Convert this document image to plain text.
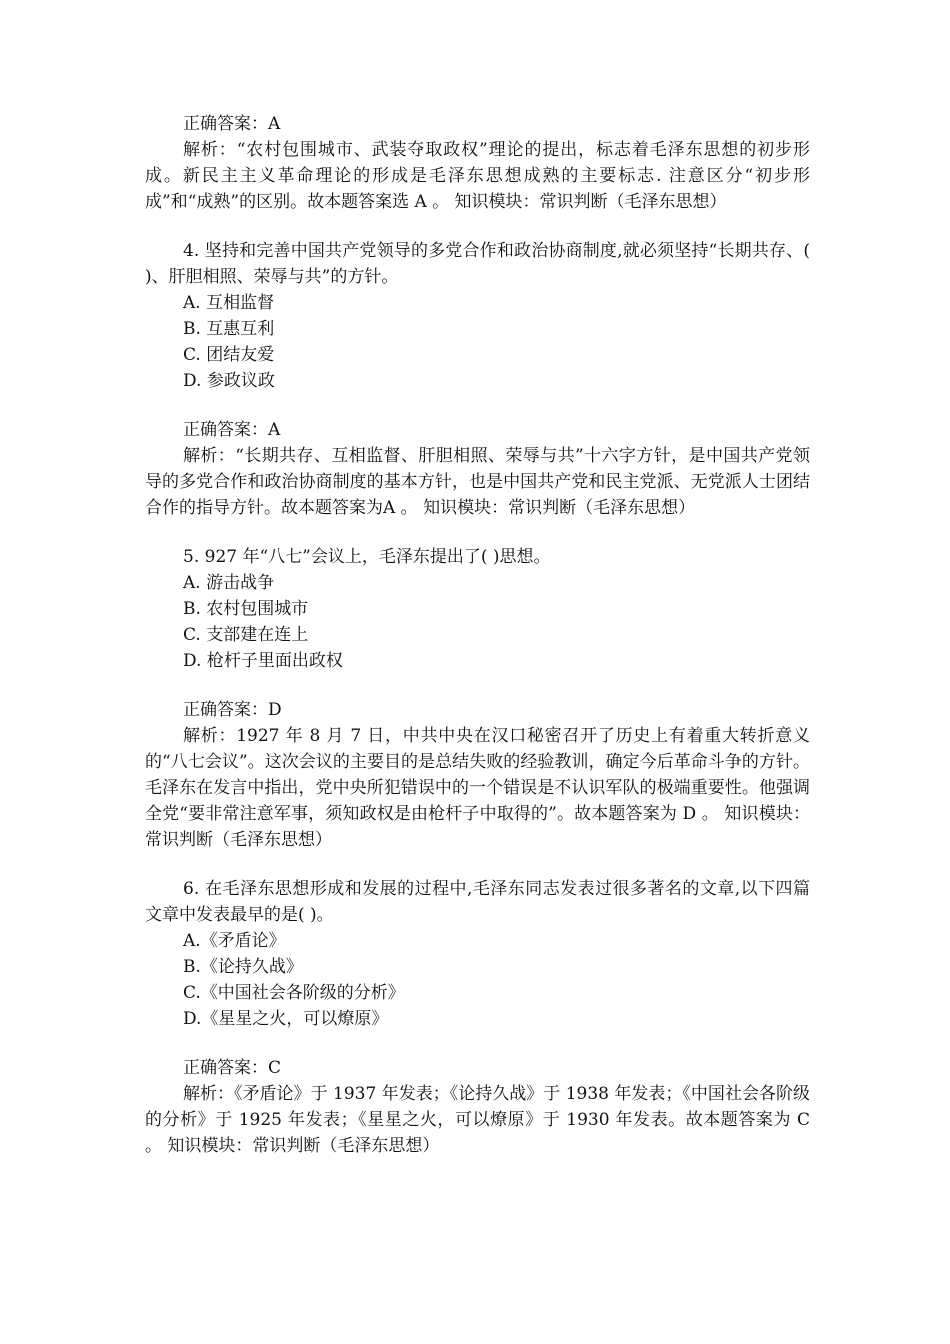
正确答案：A

解析：“农村包围城市、武装夺取政权”理论的提出，标志着毛泽东思想的初步形成。新民主主义革命理论的形成是毛泽东思想成熟的主要标志. 注意区分“初步形成”和“成熟”的区别。故本题答案选 A 。 知识模块：常识判断（毛泽东思想）

4. 坚持和完善中国共产党领导的多党合作和政治协商制度,就必须坚持“长期共存、( )、肝胆相照、荣辱与共”的方针。

A. 互相监督

B. 互惠互利

C. 团结友爱

D. 参政议政

正确答案：A

解析：“长期共存、互相监督、肝胆相照、荣辱与共”十六字方针，是中国共产党领导的多党合作和政治协商制度的基本方针，也是中国共产党和民主党派、无党派人士团结合作的指导方针。故本题答案为A 。 知识模块：常识判断（毛泽东思想）

5. 927 年“八七”会议上，毛泽东提出了( )思想。

A. 游击战争

B. 农村包围城市

C. 支部建在连上

D. 枪杆子里面出政权

正确答案：D

解析：1927 年 8 月 7 日，中共中央在汉口秘密召开了历史上有着重大转折意义的“八七会议”。这次会议的主要目的是总结失败的经验教训，确定今后革命斗争的方针。毛泽东在发言中指出，党中央所犯错误中的一个错误是不认识军队的极端重要性。他强调全党“要非常注意军事，须知政权是由枪杆子中取得的”。故本题答案为 D 。 知识模块：常识判断（毛泽东思想）

6. 在毛泽东思想形成和发展的过程中,毛泽东同志发表过很多著名的文章,以下四篇文章中发表最早的是( )。

A.《矛盾论》

B.《论持久战》

C.《中国社会各阶级的分析》

D.《星星之火，可以燎原》

正确答案：C

解析：《矛盾论》于 1937 年发表；《论持久战》于 1938 年发表；《中国社会各阶级的分析》于 1925 年发表；《星星之火，可以燎原》于 1930 年发表。故本题答案为 C 。 知识模块：常识判断（毛泽东思想）
